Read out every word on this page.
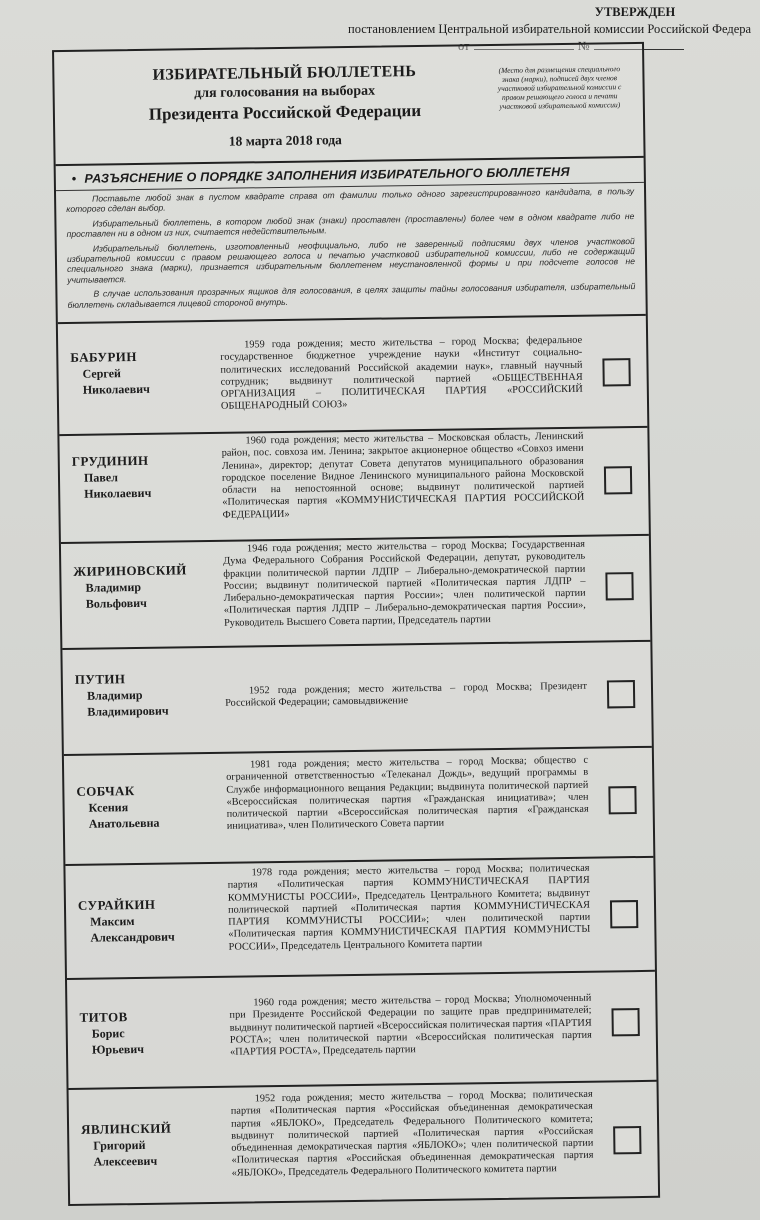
УТВЕРЖДЕН
постановлением Центральной избирательной комиссии Российской Федера
от	№
ИЗБИРАТЕЛЬНЫЙ БЮЛЛЕТЕНЬ
для голосования на выборах
Президента Российской Федерации
18 марта 2018 года
(Место для размещения специального знака (марки), подписей двух членов участковой избирательной комиссии с правом решающего голоса и печати участковой избирательной комиссии)
• РАЗЪЯСНЕНИЕ О ПОРЯДКЕ ЗАПОЛНЕНИЯ ИЗБИРАТЕЛЬНОГО БЮЛЛЕТЕНЯ

Поставьте любой знак в пустом квадрате справа от фамилии только одного зарегистрированного кандидата, в пользу которого сделан выбор.

Избирательный бюллетень, в котором любой знак (знаки) проставлен (проставлены) более чем в одном квадрате либо не проставлен ни в одном из них, считается недействительным.

Избирательный бюллетень, изготовленный неофициально, либо не заверенный подписями двух членов участковой избирательной комиссии с правом решающего голоса и печатью участковой избирательной комиссии, либо не содержащий специального знака (марки), признается избирательным бюллетенем неустановленной формы и при подсчете голосов не учитывается.

В случае использования прозрачных ящиков для голосования, в целях защиты тайны голосования избирателя, избирательный бюллетень складывается лицевой стороной внутрь.

БАБУРИН
Сергей
Николаевич
1959 года рождения; место жительства – город Москва; федеральное государственное бюджетное учреждение науки «Институт социально-политических исследований Российской академии наук», главный научный сотрудник; выдвинут политической партией «ОБЩЕСТВЕННАЯ ОРГАНИЗАЦИЯ – ПОЛИТИЧЕСКАЯ ПАРТИЯ «РОССИЙСКИЙ ОБЩЕНАРОДНЫЙ СОЮЗ»
ГРУДИНИН
Павел
Николаевич
1960 года рождения; место жительства – Московская область, Ленинский район, пос. совхоза им. Ленина; закрытое акционерное общество «Совхоз имени Ленина», директор; депутат Совета депутатов муниципального образования городское поселение Видное Ленинского муниципального района Московской области на непостоянной основе; выдвинут политической партией «Политическая партия «КОММУНИСТИЧЕСКАЯ ПАРТИЯ РОССИЙСКОЙ ФЕДЕРАЦИИ»
ЖИРИНОВСКИЙ
Владимир
Вольфович
1946 года рождения; место жительства – город Москва; Государственная Дума Федерального Собрания Российской Федерации, депутат, руководитель фракции политической партии ЛДПР – Либерально-демократической партии России; выдвинут политической партией «Политическая партия ЛДПР – Либерально-демократическая партия России»; член политической партии «Политическая партия ЛДПР – Либерально-демократическая партия России», Руководитель Высшего Совета партии, Председатель партии
ПУТИН
Владимир
Владимирович
1952 года рождения; место жительства – город Москва; Президент Российской Федерации; самовыдвижение
СОБЧАК
Ксения
Анатольевна
1981 года рождения; место жительства – город Москва; общество с ограниченной ответственностью «Телеканал Дождь», ведущий программы в Службе информационного вещания Редакции; выдвинута политической партией «Всероссийская политическая партия «Гражданская инициатива»; член политической партии «Всероссийская политическая партия «Гражданская инициатива», член Политического Совета партии
СУРАЙКИН
Максим
Александрович
1978 года рождения; место жительства – город Москва; политическая партия «Политическая партия КОММУНИСТИЧЕСКАЯ ПАРТИЯ КОММУНИСТЫ РОССИИ», Председатель Центрального Комитета; выдвинут политической партией «Политическая партия КОММУНИСТИЧЕСКАЯ ПАРТИЯ КОММУНИСТЫ РОССИИ»; член политической партии «Политическая партия КОММУНИСТИЧЕСКАЯ ПАРТИЯ КОММУНИСТЫ РОССИИ», Председатель Центрального Комитета партии
ТИТОВ
Борис
Юрьевич
1960 года рождения; место жительства – город Москва; Уполномоченный при Президенте Российской Федерации по защите прав предпринимателей; выдвинут политической партией «Всероссийская политическая партия «ПАРТИЯ РОСТА»; член политической партии «Всероссийская политическая партия «ПАРТИЯ РОСТА», Председатель партии
ЯВЛИНСКИЙ
Григорий
Алексеевич
1952 года рождения; место жительства – город Москва; политическая партия «Политическая партия «Российская объединенная демократическая партия «ЯБЛОКО», Председатель Федерального Политического комитета; выдвинут политической партией «Политическая партия «Российская объединенная демократическая партия «ЯБЛОКО»; член политической партии «Политическая партия «Российская объединенная демократическая партия «ЯБЛОКО», Председатель Федерального Политического комитета партии
